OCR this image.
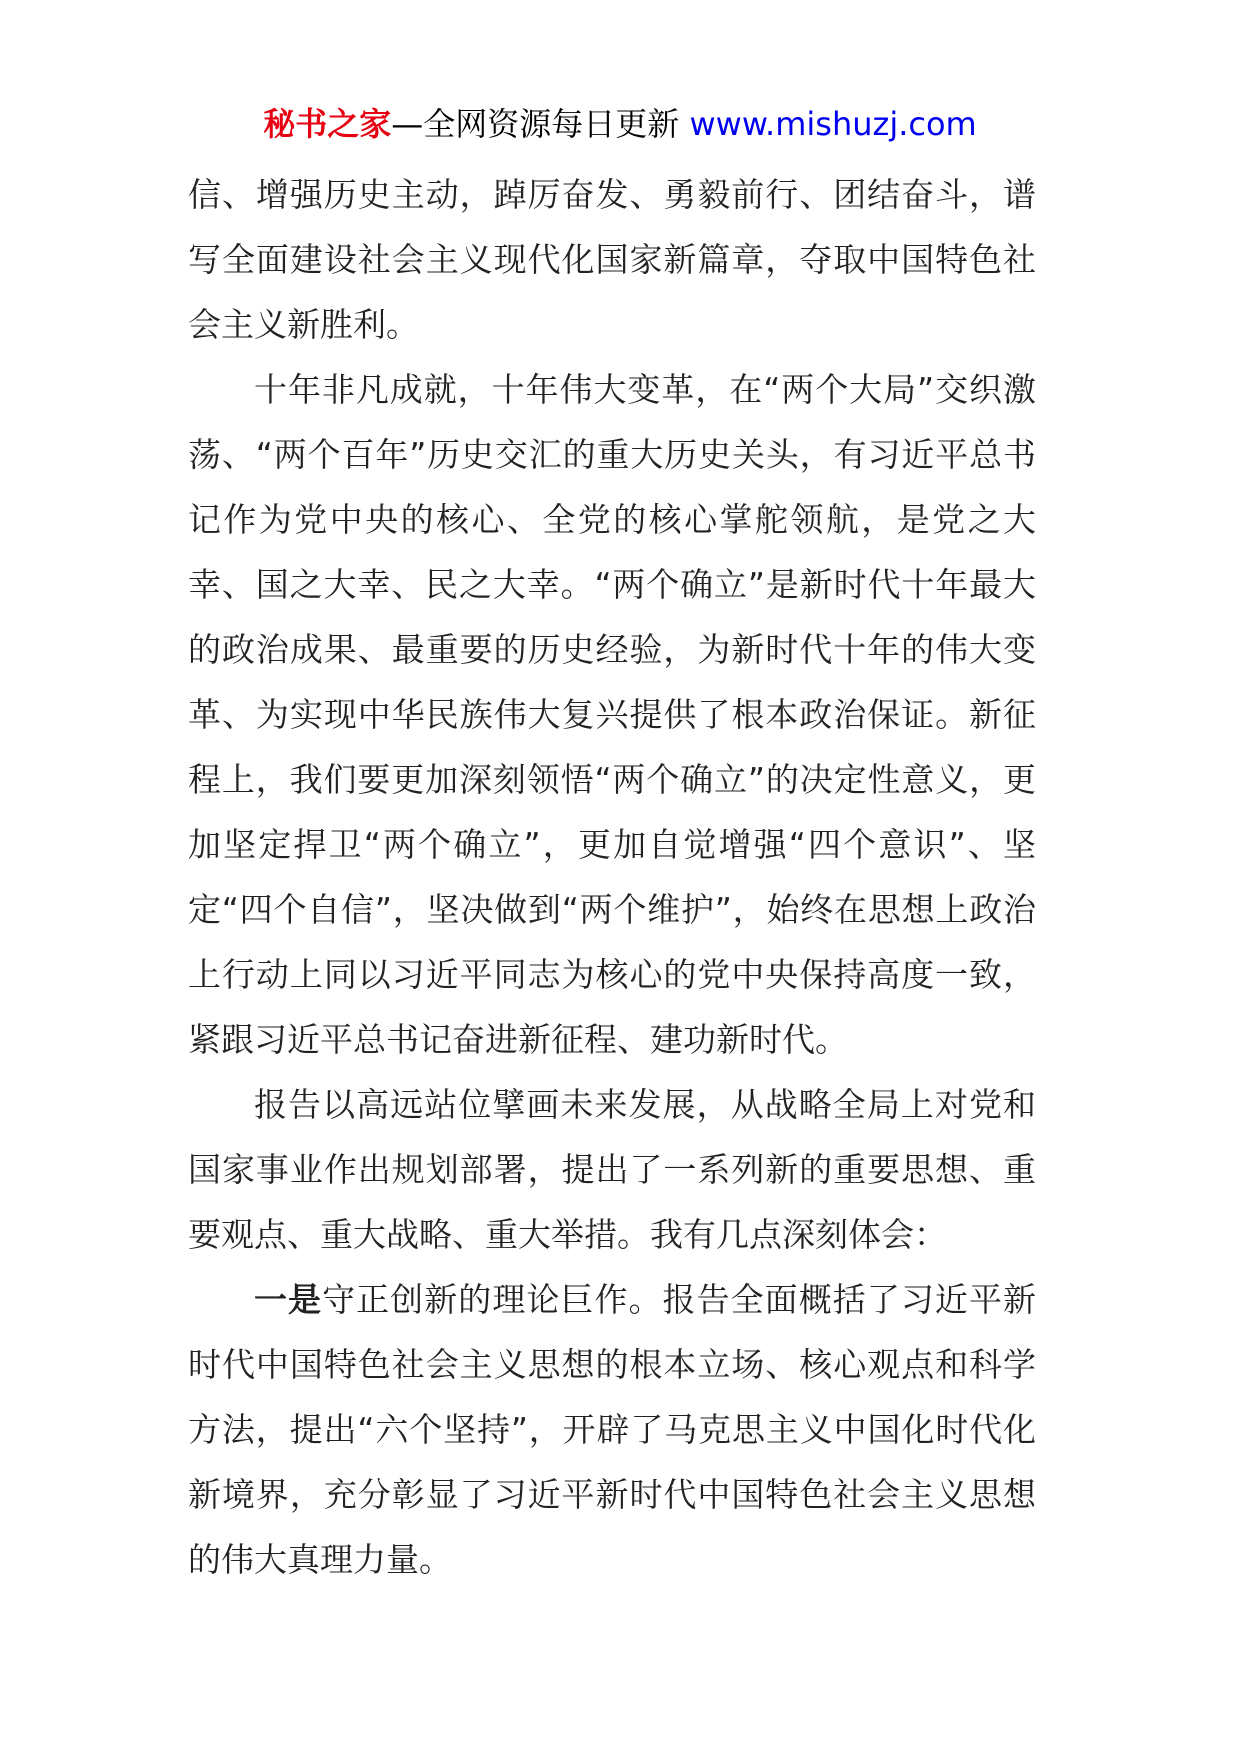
秘书之家—全网资源每日更新 www.mishuzj.com

信、增强历史主动，踔厉奋发、勇毅前行、团结奋斗，谱写全面建设社会主义现代化国家新篇章，夺取中国特色社会主义新胜利。

十年非凡成就，十年伟大变革，在“两个大局”交织激荡、“两个百年”历史交汇的重大历史关头，有习近平总书记作为党中央的核心、全党的核心掌舵领航，是党之大幸、国之大幸、民之大幸。“两个确立”是新时代十年最大的政治成果、最重要的历史经验，为新时代十年的伟大变革、为实现中华民族伟大复兴提供了根本政治保证。新征程上，我们要更加深刻领悟“两个确立”的决定性意义，更加坚定捍卫“两个确立”，更加自觉增强“四个意识”、坚定“四个自信”，坚决做到“两个维护”，始终在思想上政治上行动上同以习近平同志为核心的党中央保持高度一致，紧跟习近平总书记奋进新征程、建功新时代。

报告以高远站位擘画未来发展，从战略全局上对党和国家事业作出规划部署，提出了一系列新的重要思想、重要观点、重大战略、重大举措。我有几点深刻体会：

一是守正创新的理论巨作。报告全面概括了习近平新时代中国特色社会主义思想的根本立场、核心观点和科学方法，提出“六个坚持”，开辟了马克思主义中国化时代化新境界，充分彰显了习近平新时代中国特色社会主义思想的伟大真理力量。
